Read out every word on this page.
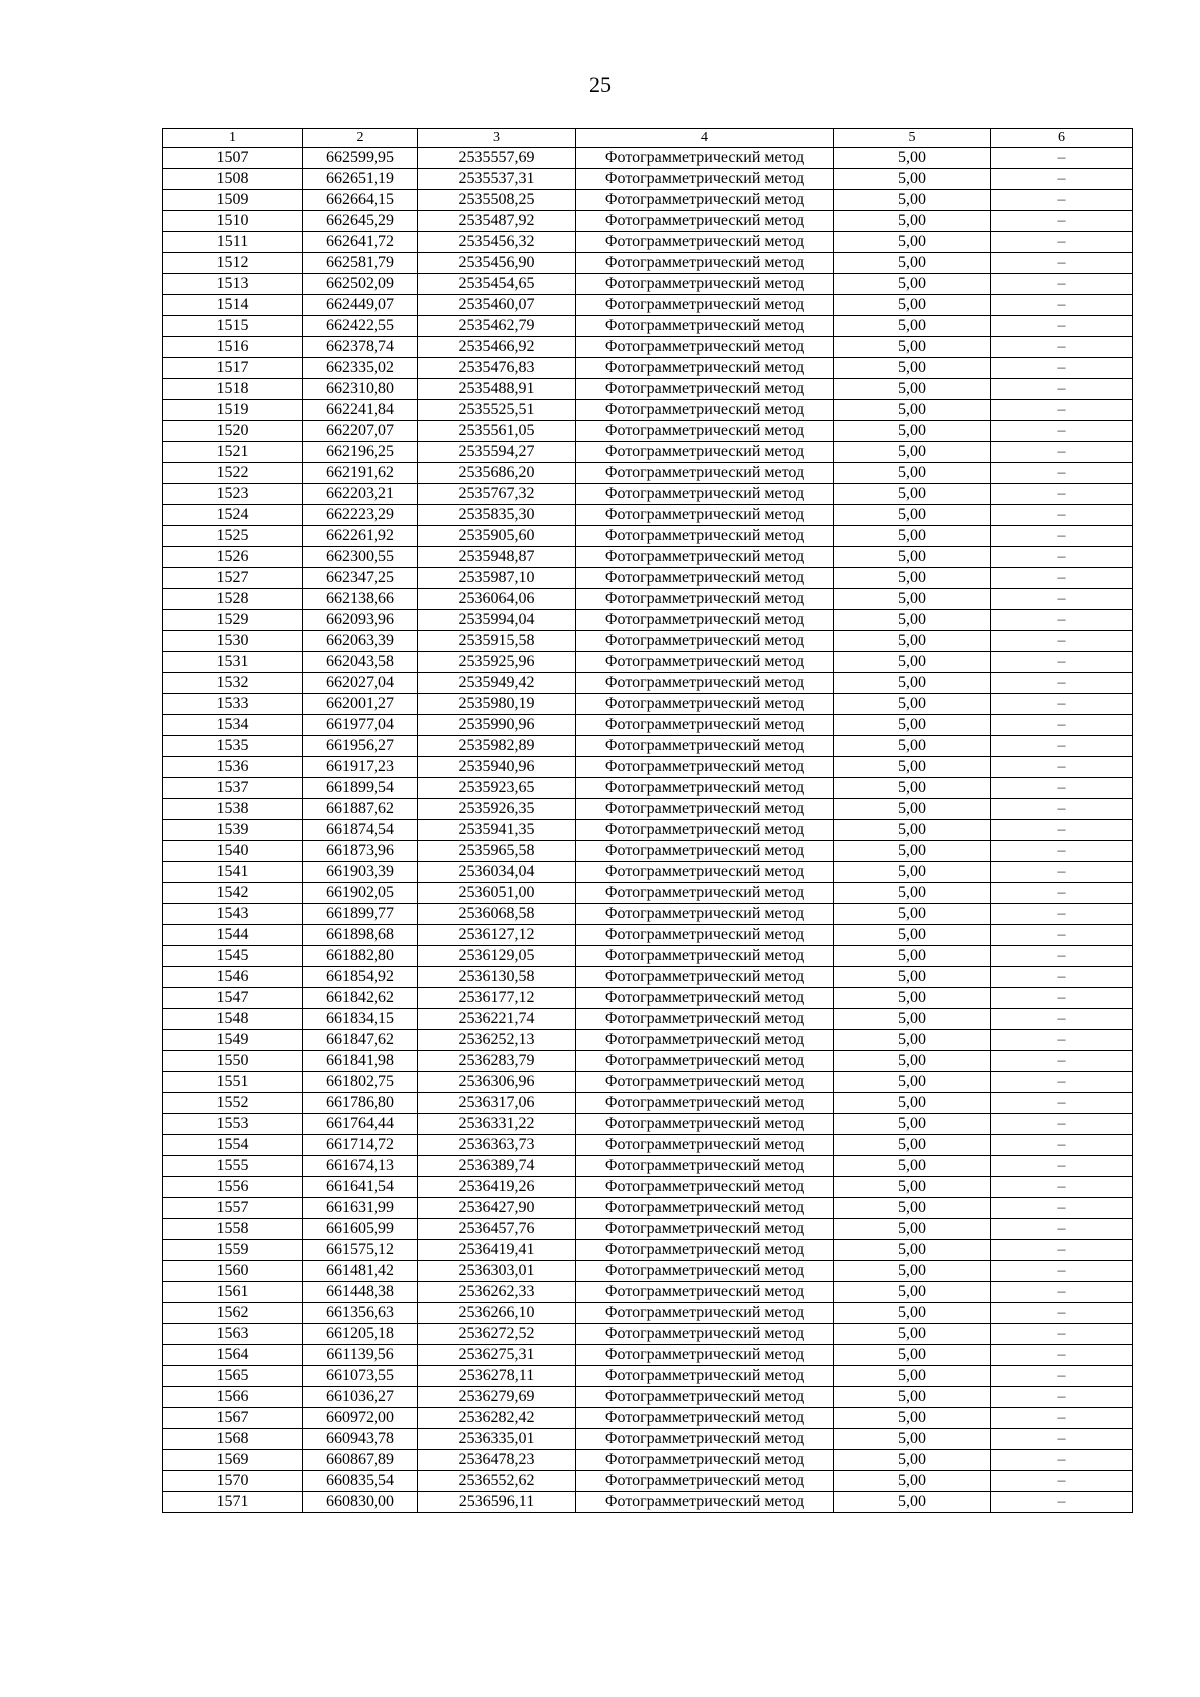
25
1	2	3	4	5	6
1507	662599,95	2535557,69	Фотограмметрический метод	5,00	–
1508	662651,19	2535537,31	Фотограмметрический метод	5,00	–
1509	662664,15	2535508,25	Фотограмметрический метод	5,00	–
1510	662645,29	2535487,92	Фотограмметрический метод	5,00	–
1511	662641,72	2535456,32	Фотограмметрический метод	5,00	–
1512	662581,79	2535456,90	Фотограмметрический метод	5,00	–
1513	662502,09	2535454,65	Фотограмметрический метод	5,00	–
1514	662449,07	2535460,07	Фотограмметрический метод	5,00	–
1515	662422,55	2535462,79	Фотограмметрический метод	5,00	–
1516	662378,74	2535466,92	Фотограмметрический метод	5,00	–
1517	662335,02	2535476,83	Фотограмметрический метод	5,00	–
1518	662310,80	2535488,91	Фотограмметрический метод	5,00	–
1519	662241,84	2535525,51	Фотограмметрический метод	5,00	–
1520	662207,07	2535561,05	Фотограмметрический метод	5,00	–
1521	662196,25	2535594,27	Фотограмметрический метод	5,00	–
1522	662191,62	2535686,20	Фотограмметрический метод	5,00	–
1523	662203,21	2535767,32	Фотограмметрический метод	5,00	–
1524	662223,29	2535835,30	Фотограмметрический метод	5,00	–
1525	662261,92	2535905,60	Фотограмметрический метод	5,00	–
1526	662300,55	2535948,87	Фотограмметрический метод	5,00	–
1527	662347,25	2535987,10	Фотограмметрический метод	5,00	–
1528	662138,66	2536064,06	Фотограмметрический метод	5,00	–
1529	662093,96	2535994,04	Фотограмметрический метод	5,00	–
1530	662063,39	2535915,58	Фотограмметрический метод	5,00	–
1531	662043,58	2535925,96	Фотограмметрический метод	5,00	–
1532	662027,04	2535949,42	Фотограмметрический метод	5,00	–
1533	662001,27	2535980,19	Фотограмметрический метод	5,00	–
1534	661977,04	2535990,96	Фотограмметрический метод	5,00	–
1535	661956,27	2535982,89	Фотограмметрический метод	5,00	–
1536	661917,23	2535940,96	Фотограмметрический метод	5,00	–
1537	661899,54	2535923,65	Фотограмметрический метод	5,00	–
1538	661887,62	2535926,35	Фотограмметрический метод	5,00	–
1539	661874,54	2535941,35	Фотограмметрический метод	5,00	–
1540	661873,96	2535965,58	Фотограмметрический метод	5,00	–
1541	661903,39	2536034,04	Фотограмметрический метод	5,00	–
1542	661902,05	2536051,00	Фотограмметрический метод	5,00	–
1543	661899,77	2536068,58	Фотограмметрический метод	5,00	–
1544	661898,68	2536127,12	Фотограмметрический метод	5,00	–
1545	661882,80	2536129,05	Фотограмметрический метод	5,00	–
1546	661854,92	2536130,58	Фотограмметрический метод	5,00	–
1547	661842,62	2536177,12	Фотограмметрический метод	5,00	–
1548	661834,15	2536221,74	Фотограмметрический метод	5,00	–
1549	661847,62	2536252,13	Фотограмметрический метод	5,00	–
1550	661841,98	2536283,79	Фотограмметрический метод	5,00	–
1551	661802,75	2536306,96	Фотограмметрический метод	5,00	–
1552	661786,80	2536317,06	Фотограмметрический метод	5,00	–
1553	661764,44	2536331,22	Фотограмметрический метод	5,00	–
1554	661714,72	2536363,73	Фотограмметрический метод	5,00	–
1555	661674,13	2536389,74	Фотограмметрический метод	5,00	–
1556	661641,54	2536419,26	Фотограмметрический метод	5,00	–
1557	661631,99	2536427,90	Фотограмметрический метод	5,00	–
1558	661605,99	2536457,76	Фотограмметрический метод	5,00	–
1559	661575,12	2536419,41	Фотограмметрический метод	5,00	–
1560	661481,42	2536303,01	Фотограмметрический метод	5,00	–
1561	661448,38	2536262,33	Фотограмметрический метод	5,00	–
1562	661356,63	2536266,10	Фотограмметрический метод	5,00	–
1563	661205,18	2536272,52	Фотограмметрический метод	5,00	–
1564	661139,56	2536275,31	Фотограмметрический метод	5,00	–
1565	661073,55	2536278,11	Фотограмметрический метод	5,00	–
1566	661036,27	2536279,69	Фотограмметрический метод	5,00	–
1567	660972,00	2536282,42	Фотограмметрический метод	5,00	–
1568	660943,78	2536335,01	Фотограмметрический метод	5,00	–
1569	660867,89	2536478,23	Фотограмметрический метод	5,00	–
1570	660835,54	2536552,62	Фотограмметрический метод	5,00	–
1571	660830,00	2536596,11	Фотограмметрический метод	5,00	–
